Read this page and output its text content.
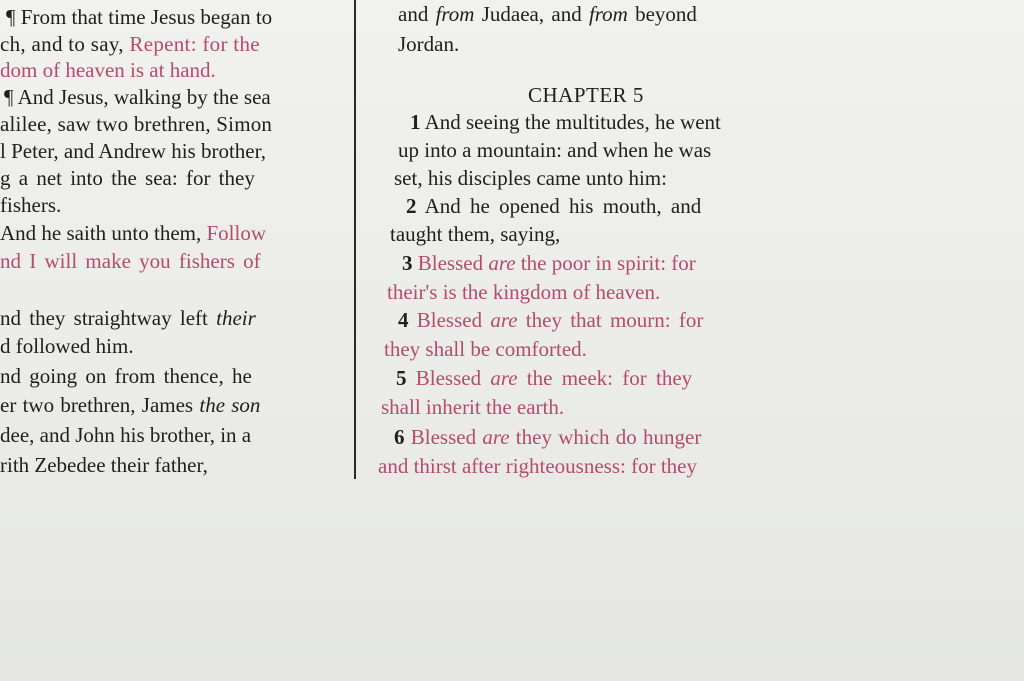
¶ From that time Jesus began to
ch, and to say, Repent: for the
dom of heaven is at hand.
¶ And Jesus, walking by the sea
alilee, saw two brethren, Simon
l Peter, and Andrew his brother,
g a net into the sea: for they
fishers.
And he saith unto them, Follow
nd I will make you fishers of
nd they straightway left their
d followed him.
nd going on from thence, he
er two brethren, James the son
dee, and John his brother, in a
rith Zebedee their father,
and from Judaea, and from beyond
Jordan.
CHAPTER 5
1 And seeing the multitudes, he went
up into a mountain: and when he was
set, his disciples came unto him:
2 And he opened his mouth, and
taught them, saying,
3 Blessed are the poor in spirit: for
their's is the kingdom of heaven.
4 Blessed are they that mourn: for
they shall be comforted.
5 Blessed are the meek: for they
shall inherit the earth.
6 Blessed are they which do hunger
and thirst after righteousness: for they
